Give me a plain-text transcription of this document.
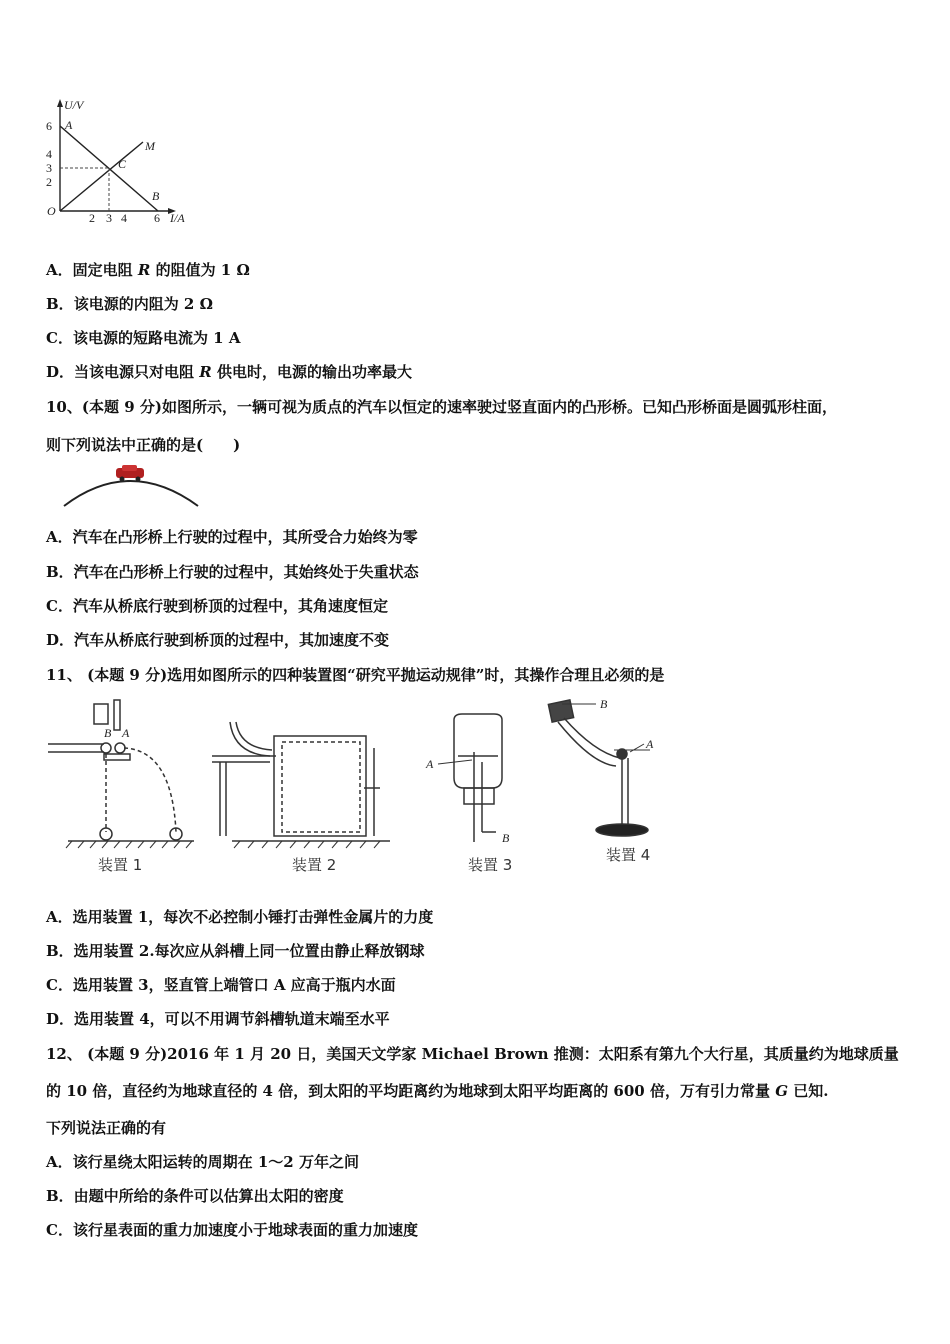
U/V
I/A
O
6
4
3
2
2 3 4 6
A
B
C
M
A．固定电阻 R 的阻值为 1 Ω
B．该电源的内阻为 2 Ω
C．该电源的短路电流为 1 A
D．当该电源只对电阻 R 供电时，电源的输出功率最大
10、(本题 9 分)如图所示，一辆可视为质点的汽车以恒定的速率驶过竖直面内的凸形桥。已知凸形桥面是圆弧形柱面，
则下列说法中正确的是(　　)
A．汽车在凸形桥上行驶的过程中，其所受合力始终为零
B．汽车在凸形桥上行驶的过程中，其始终处于失重状态
C．汽车从桥底行驶到桥顶的过程中，其角速度恒定
D．汽车从桥底行驶到桥顶的过程中，其加速度不变
11、 (本题 9 分)选用如图所示的四种装置图“研究平抛运动规律”时，其操作合理且必须的是
B A
A
B
B
A
装置 1	装置 2	装置 3
装置 4
A．选用装置 1，每次不必控制小锤打击弹性金属片的力度
B．选用装置 2.每次应从斜槽上同一位置由静止释放钢球
C．选用装置 3，竖直管上端管口 A 应高于瓶内水面
D．选用装置 4，可以不用调节斜槽轨道末端至水平
12、 (本题 9 分)2016 年 1 月 20 日，美国天文学家 Michael Brown 推测：太阳系有第九个大行星，其质量约为地球质量
的 10 倍，直径约为地球直径的 4 倍，到太阳的平均距离约为地球到太阳平均距离的 600 倍，万有引力常量 G 已知.
下列说法正确的有
A．该行星绕太阳运转的周期在 1～2 万年之间
B．由题中所给的条件可以估算出太阳的密度
C．该行星表面的重力加速度小于地球表面的重力加速度
